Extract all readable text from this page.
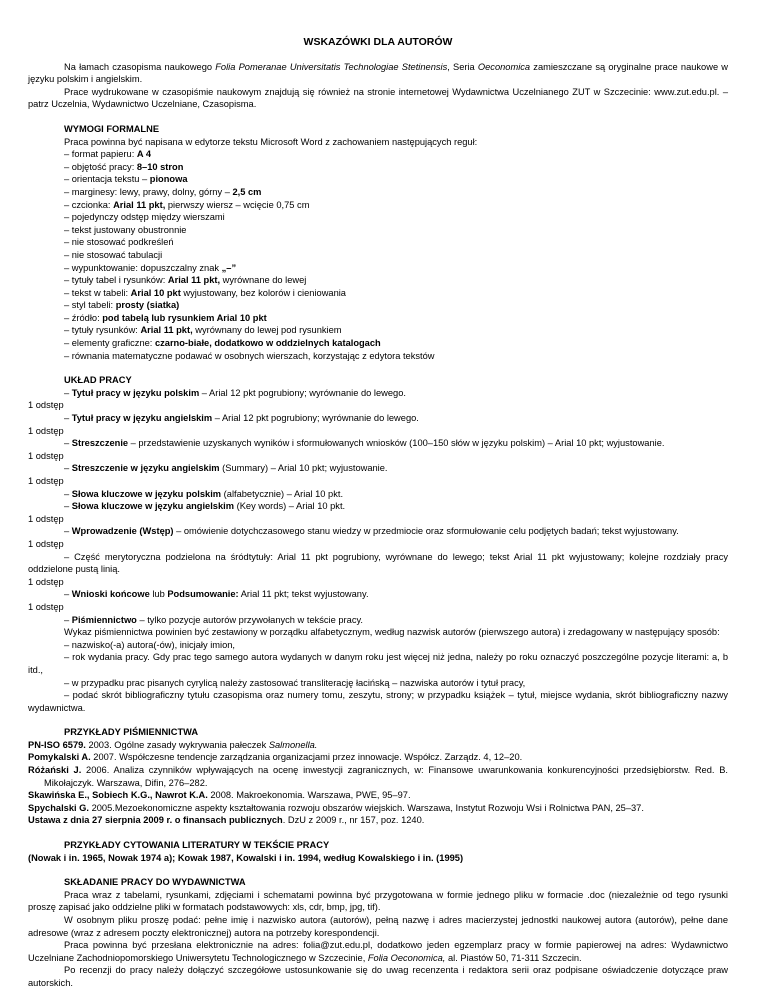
WSKAZÓWKI DLA AUTORÓW

Na łamach czasopisma naukowego Folia Pomeranae Universitatis Technologiae Stetinensis, Seria Oeconomica zamieszczane są oryginalne prace naukowe w języku polskim i angielskim.

Prace wydrukowane w czasopiśmie naukowym znajdują się również na stronie internetowej Wydawnictwa Uczelnianego ZUT w Szczecinie: www.zut.edu.pl. – patrz Uczelnia, Wydawnictwo Uczelniane, Czasopisma.

WYMOGI FORMALNE

Praca powinna być napisana w edytorze tekstu Microsoft Word z zachowaniem następujących reguł:

– format papieru: A 4

– objętość pracy: 8–10 stron

– orientacja tekstu – pionowa

– marginesy: lewy, prawy, dolny, górny – 2,5 cm

– czcionka: Arial 11 pkt, pierwszy wiersz – wcięcie 0,75 cm

– pojedynczy odstęp między wierszami

– tekst justowany obustronnie

– nie stosować podkreśleń

– nie stosować tabulacji

– wypunktowanie: dopuszczalny znak „–”

– tytuły tabel i rysunków: Arial 11 pkt, wyrównane do lewej

– tekst w tabeli: Arial 10 pkt wyjustowany, bez kolorów i cieniowania

– styl tabeli: prosty (siatka)

– źródło: pod tabelą lub rysunkiem Arial 10 pkt

– tytuły rysunków: Arial 11 pkt, wyrównany do lewej pod rysunkiem

– elementy graficzne: czarno-białe, dodatkowo w oddzielnych katalogach

– równania matematyczne podawać w osobnych wierszach, korzystając z edytora tekstów

UKŁAD PRACY

– Tytuł pracy w języku polskim – Arial 12 pkt pogrubiony; wyrównanie do lewego.

1 odstęp

– Tytuł pracy w języku angielskim – Arial 12 pkt pogrubiony; wyrównanie do lewego.

1 odstęp

– Streszczenie – przedstawienie uzyskanych wyników i sformułowanych wniosków (100–150 słów w języku polskim) – Arial 10 pkt; wyjustowanie.

1 odstęp

– Streszczenie w języku angielskim (Summary) – Arial 10 pkt; wyjustowanie.

1 odstęp

– Słowa kluczowe w języku polskim (alfabetycznie) – Arial 10 pkt.

– Słowa kluczowe w języku angielskim (Key words) – Arial 10 pkt.

1 odstęp

– Wprowadzenie (Wstęp) – omówienie dotychczasowego stanu wiedzy w przedmiocie oraz sformułowanie celu podjętych badań; tekst wyjustowany.

1 odstęp

– Część merytoryczna podzielona na śródtytuły: Arial 11 pkt pogrubiony, wyrównane do lewego; tekst Arial 11 pkt wyjustowany; kolejne rozdziały pracy oddzielone pustą linią.

1 odstęp

– Wnioski końcowe lub Podsumowanie: Arial 11 pkt; tekst wyjustowany.

1 odstęp

– Piśmiennictwo – tylko pozycje autorów przywołanych w tekście pracy.

Wykaz piśmiennictwa powinien być zestawiony w porządku alfabetycznym, według nazwisk autorów (pierwszego autora) i zredagowany w następujący sposób:

– nazwisko(-a) autora(-ów), inicjały imion,

– rok wydania pracy. Gdy prac tego samego autora wydanych w danym roku jest więcej niż jedna, należy po roku oznaczyć poszczególne pozycje literami: a, b itd.,

– w przypadku prac pisanych cyrylicą należy zastosować transliterację łacińską – nazwiska autorów i tytuł pracy,

– podać skrót bibliograficzny tytułu czasopisma oraz numery tomu, zeszytu, strony; w przypadku książek – tytuł, miejsce wydania, skrót bibliograficzny nazwy wydawnictwa.

PRZYKŁADY PIŚMIENNICTWA

PN-ISO 6579. 2003. Ogólne zasady wykrywania pałeczek Salmonella.

Pomykalski A. 2007. Współczesne tendencje zarządzania organizacjami przez innowacje. Współcz. Zarządz. 4, 12–20.

Różański J. 2006. Analiza czynników wpływających na ocenę inwestycji zagranicznych, w: Finansowe uwarunkowania konkurencyjności przedsiębiorstw. Red. B. Mikołajczyk. Warszawa, Difin, 276–282.

Skawińska E., Sobiech K.G., Nawrot K.A. 2008. Makroekonomia. Warszawa, PWE, 95–97.

Spychalski G. 2005.Mezoekonomiczne aspekty kształtowania rozwoju obszarów wiejskich. Warszawa, Instytut Rozwoju Wsi i Rolnictwa PAN, 25–37.

Ustawa z dnia 27 sierpnia 2009 r. o finansach publicznych. DzU z 2009 r., nr 157, poz. 1240.

PRZYKŁADY CYTOWANIA LITERATURY W TEKŚCIE PRACY

(Nowak i in. 1965, Nowak 1974 a); Kowak 1987, Kowalski i in. 1994, według Kowalskiego i in. (1995)

SKŁADANIE PRACY DO WYDAWNICTWA

Praca wraz z tabelami, rysunkami, zdjęciami i schematami powinna być przygotowana w formie jednego pliku w formacie .doc (niezależnie od tego rysunki proszę zapisać jako oddzielne pliki w formatach podstawowych: xls, cdr, bmp, jpg, tif).

W osobnym pliku proszę podać: pełne imię i nazwisko autora (autorów), pełną nazwę i adres macierzystej jednostki naukowej autora (autorów), pełne dane adresowe (wraz z adresem poczty elektronicznej) autora na potrzeby korespondencji.

Praca powinna być przesłana elektronicznie na adres: folia@zut.edu.pl, dodatkowo jeden egzemplarz pracy w formie papierowej na adres: Wydawnictwo Uczelniane Zachodniopomorskiego Uniwersytetu Technologicznego w Szczecinie, Folia Oeconomica, al. Piastów 50, 71-311 Szczecin.

Po recenzji do pracy należy dołączyć szczegółowe ustosunkowanie się do uwag recenzenta i redaktora serii oraz podpisane oświadczenie dotyczące praw autorskich.
